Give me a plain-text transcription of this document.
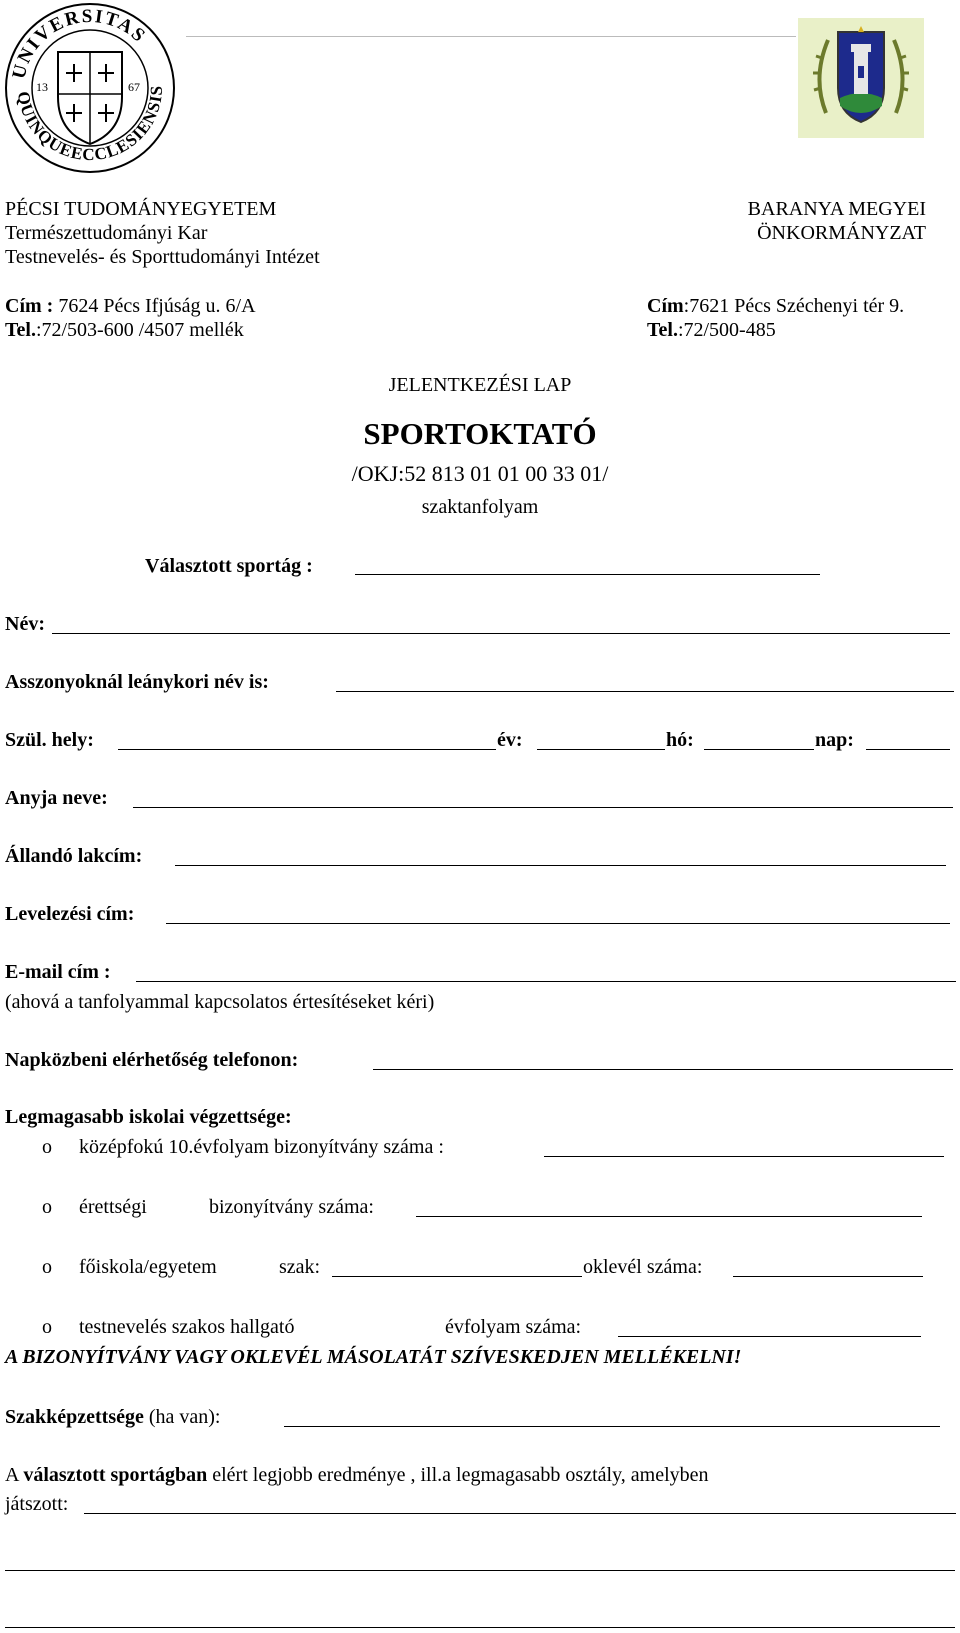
UNIVERSITAS
QUINQUEECCLESIENSIS
13	67
PÉCSI TUDOMÁNYEGYETEM
Természettudományi Kar
Testnevelés- és Sporttudományi Intézet
BARANYA MEGYEI
ÖNKORMÁNYZAT
Cím : 7624 Pécs Ifjúság u. 6/A
Tel.:72/503-600 /4507 mellék
Cím:7621 Pécs Széchenyi tér 9.
Tel.:72/500-485
JELENTKEZÉSI LAP
SPORTOKTATÓ
/OKJ:52 813 01 01 00 33 01/
szaktanfolyam
Választott sportág :
Név:
Asszonyoknál leánykori név is:
Szül. hely:	év:	hó:	nap:
Anyja neve:
Állandó lakcím:
Levelezési cím:
E-mail cím :
(ahová a tanfolyammal kapcsolatos értesítéseket kéri)
Napközbeni elérhetőség telefonon:
Legmagasabb iskolai végzettsége:
o középfokú 10.évfolyam bizonyítvány száma :
o érettségi	bizonyítvány száma:
o főiskola/egyetem	szak:	oklevél száma:
o testnevelés szakos hallgató	évfolyam száma:
A BIZONYÍTVÁNY VAGY OKLEVÉL MÁSOLATÁT SZÍVESKEDJEN MELLÉKELNI!
Szakképzettsége (ha van):
A választott sportágban elért legjobb eredménye , ill.a legmagasabb osztály, amelyben
játszott:
